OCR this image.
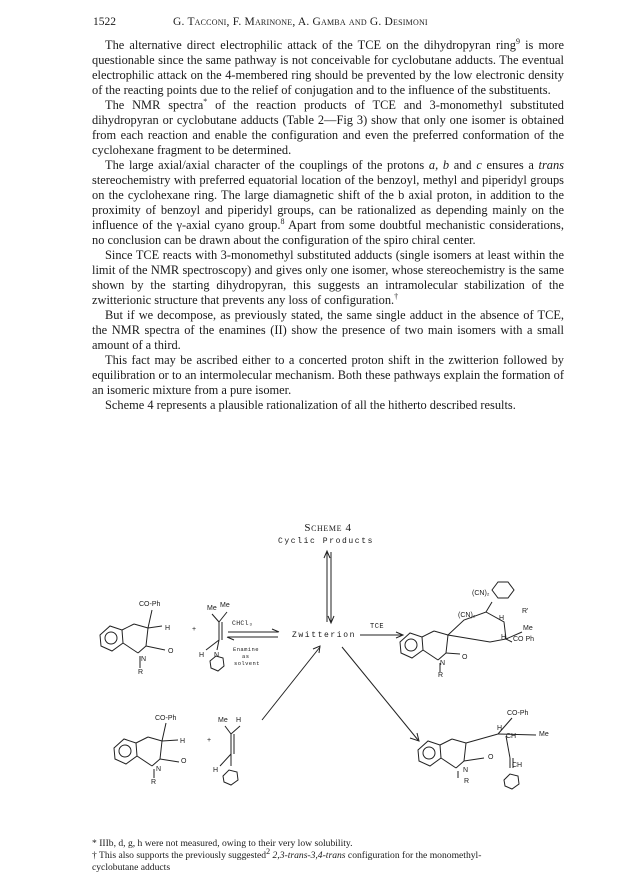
1522	G. Tacconi, F. Marinone, A. Gamba and G. Desimoni

The alternative direct electrophilic attack of the TCE on the dihydropyran ring$^9$ is more questionable since the same pathway is not conceivable for cyclobutane adducts. The eventual electrophilic attack on the 4-membered ring should be prevented by the low electronic density of the reacting points due to the relief of conjugation and to the influence of the substituents.

The NMR spectra* of the reaction products of TCE and 3-monomethyl substituted dihydropyran or cyclobutane adducts (Table 2—Fig 3) show that only one isomer is obtained from each reaction and enable the configuration and even the preferred conformation of the cyclohexane fragment to be determined.

The large axial/axial character of the couplings of the protons a, b and c ensures a trans stereochemistry with preferred equatorial location of the benzoyl, methyl and piperidyl groups on the cyclohexane ring. The large diamagnetic shift of the b axial proton, in addition to the proximity of benzoyl and piperidyl groups, can be rationalized as depending mainly on the influence of the γ-axial cyano group.$^8$ Apart from some doubtful mechanistic considerations, no conclusion can be drawn about the configuration of the spiro chiral center.

Since TCE reacts with 3-monomethyl substituted adducts (single isomers at least within the limit of the NMR spectroscopy) and gives only one isomer, whose stereochemistry is the same shown by the starting dihydropyran, this suggests an intramolecular stabilization of the zwitterionic structure that prevents any loss of configuration.†

But if we decompose, as previously stated, the same single adduct in the absence of TCE, the NMR spectra of the enamines (II) show the presence of two main isomers with a small amount of a third.

This fact may be ascribed either to a concerted proton shift in the zwitterion followed by equilibration or to an intermolecular mechanism. Both these pathways explain the formation of an isomeric mixture from a pure isomer.

Scheme 4 represents a plausible rationalization of all the hitherto described results.

Scheme 4
Cyclic Products
Zwitterion
TCE
CHCl₃
Enamine
as
solvent
CO-Ph
H
N
O
R
+
Me Me
H N
(CN)₂
(CN)₂	H
R'
Me
H CO Ph
N
O
R
CO-Ph
H
N
O
R
+
Me H
H
CO-Ph
H
CH	Me
O
N
CH
R

* IIIb, d, g, h were not measured, owing to their very low solubility.

† This also supports the previously suggested$^2$ 2,3-trans-3,4-trans configuration for the monomethyl-
cyclobutane adducts
